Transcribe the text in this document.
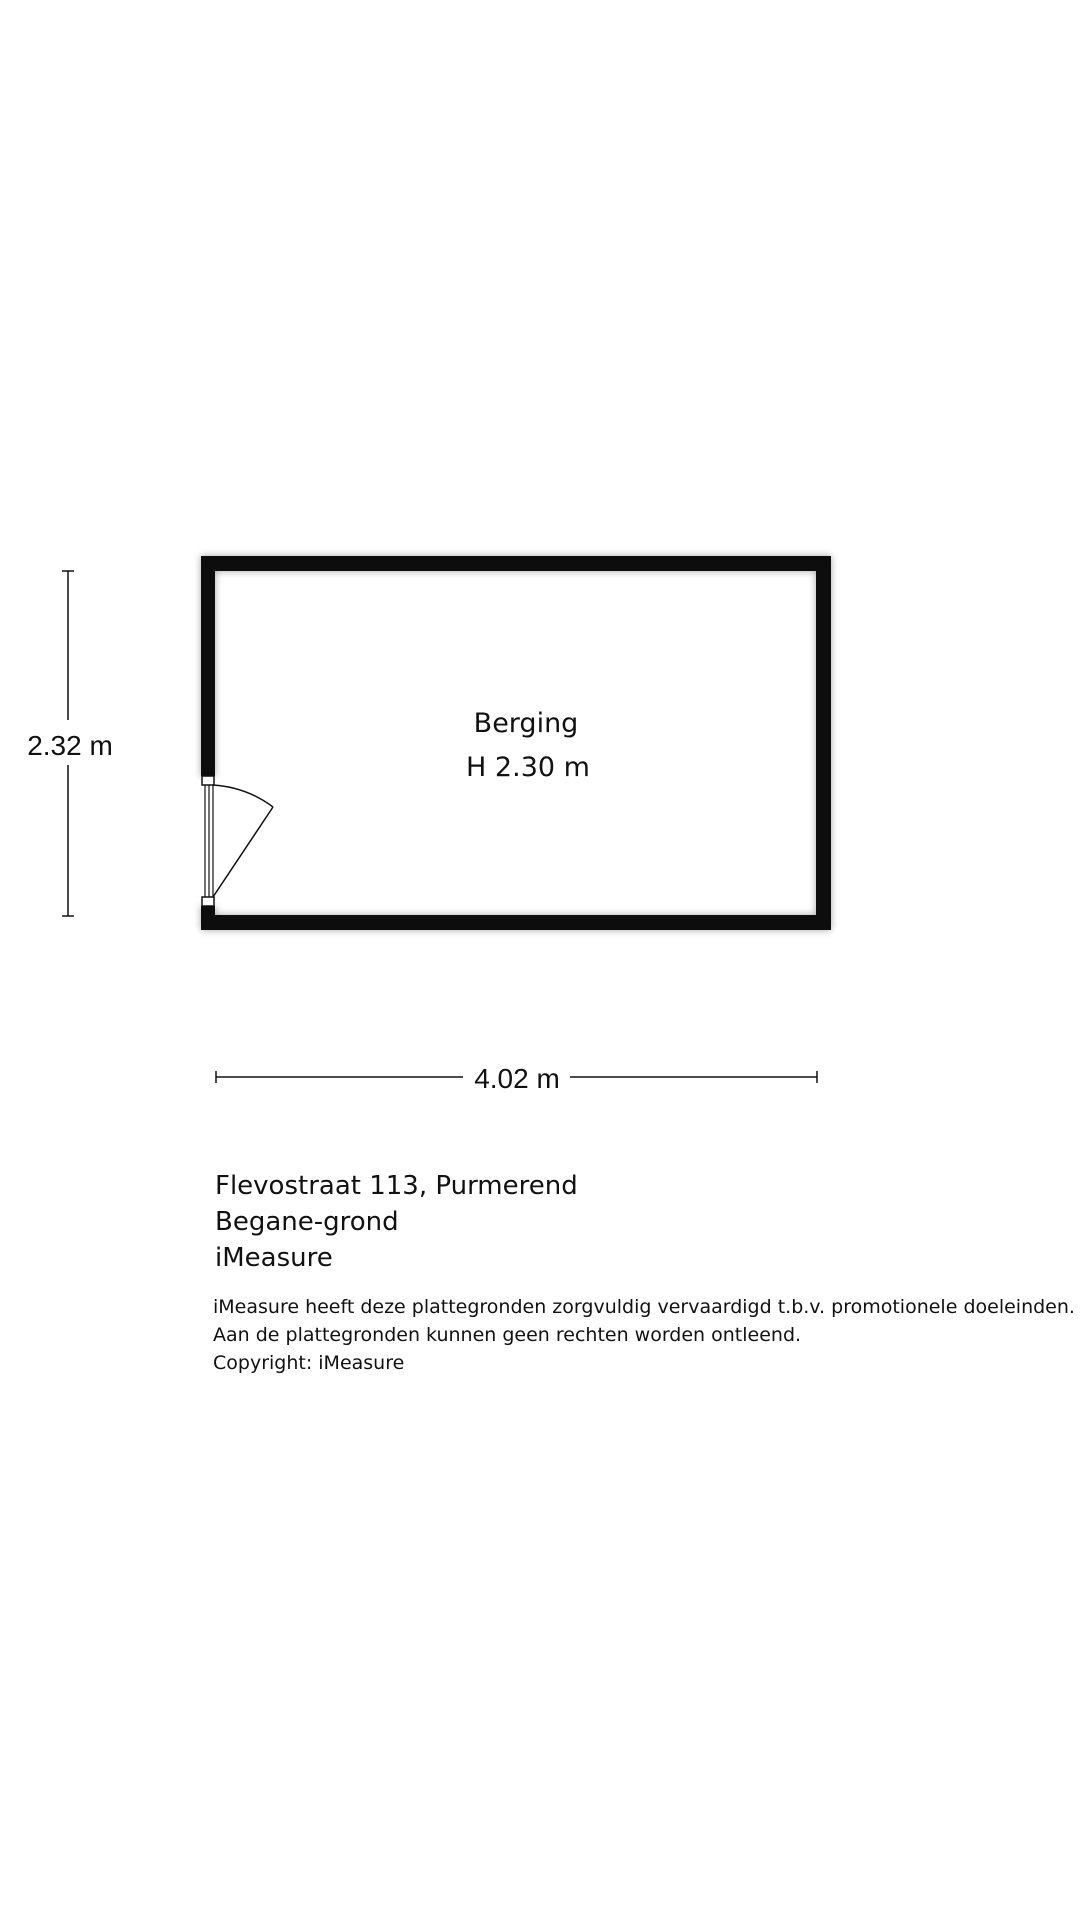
Berging
H 2.30 m
2.32 m
4.02 m
Flevostraat 113, Purmerend
Begane-grond
iMeasure
iMeasure heeft deze plattegronden zorgvuldig vervaardigd t.b.v. promotionele doeleinden.
Aan de plattegronden kunnen geen rechten worden ontleend.
Copyright: iMeasure
